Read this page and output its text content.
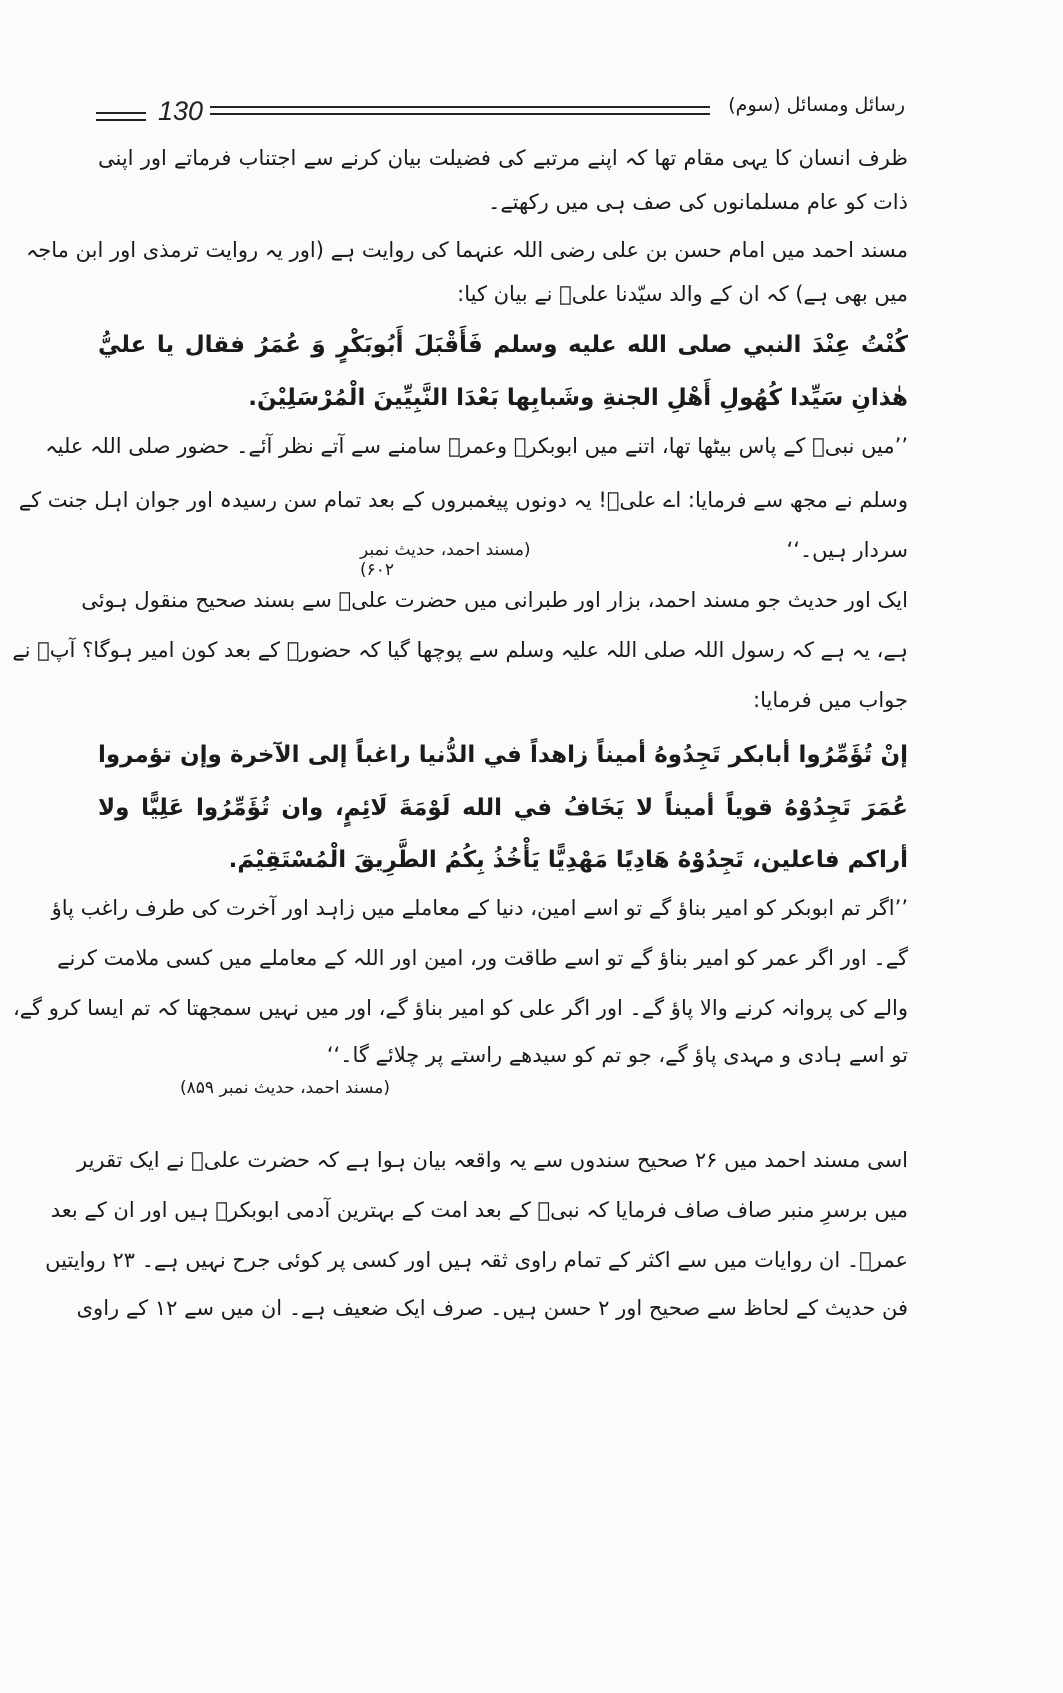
130	رسائل ومسائل (سوم)
ظرف انسان کا یہی مقام تھا کہ اپنے مرتبے کی فضیلت بیان کرنے سے اجتناب فرماتے اور اپنی
ذات کو عام مسلمانوں کی صف ہی میں رکھتے۔
مسند احمد میں امام حسن بن علی رضی اللہ عنہما کی روایت ہے (اور یہ روایت ترمذی اور ابن ماجہ
میں بھی ہے) کہ ان کے والد سیّدنا علیؓ نے بیان کیا:
كُنْتُ عِنْدَ النبي صلى الله عليه وسلم فَأَقْبَلَ أَبُوبَكْرٍ وَ عُمَرُ فقال يا عليُّ
هٰذانِ سَيِّدا كُهُولِ أَهْلِ الجنةِ وشَبابِها بَعْدَا النَّبِيِّينَ الْمُرْسَلِيْنَ.
’’میں نبیؐ کے پاس بیٹھا تھا، اتنے میں ابوبکرؓ وعمرؓ سامنے سے آتے نظر آئے۔ حضور صلی اللہ علیہ
وسلم نے مجھ سے فرمایا: اے علیؓ! یہ دونوں پیغمبروں کے بعد تمام سن رسیدہ اور جوان اہل جنت کے
سردار ہیں۔‘‘
(مسند احمد، حدیث نمبر ۶۰۲)
ایک اور حدیث جو مسند احمد، بزار اور طبرانی میں حضرت علیؓ سے بسند صحیح منقول ہوئی
ہے، یہ ہے کہ رسول اللہ صلی اللہ علیہ وسلم سے پوچھا گیا کہ حضورؐ کے بعد کون امیر ہوگا؟ آپؐ نے
جواب میں فرمایا:
إنْ تُؤَمِّرُوا أبابكر تَجِدُوهُ أميناً زاهداً في الدُّنيا راغباً إلى الآخرة وإن تؤمروا
عُمَرَ تَجِدُوْهُ قوياً أميناً لا يَخَافُ في الله لَوْمَةَ لَائِمٍ، وان تُؤَمِّرُوا عَلِيًّا ولا
أراكم فاعلين، تَجِدُوْهُ هَادِيًا مَهْدِيًّا يَأْخُذُ بِكُمُ الطَّرِيقَ الْمُسْتَقِيْمَ.
’’اگر تم ابوبکر کو امیر بناؤ گے تو اسے امین، دنیا کے معاملے میں زاہد اور آخرت کی طرف راغب پاؤ
گے۔ اور اگر عمر کو امیر بناؤ گے تو اسے طاقت ور، امین اور اللہ کے معاملے میں کسی ملامت کرنے
والے کی پروانہ کرنے والا پاؤ گے۔ اور اگر علی کو امیر بناؤ گے، اور میں نہیں سمجھتا کہ تم ایسا کرو گے،
تو اسے ہادی و مہدی پاؤ گے، جو تم کو سیدھے راستے پر چلائے گا۔‘‘
(مسند احمد، حدیث نمبر ۸۵۹)
اسی مسند احمد میں ۲۶ صحیح سندوں سے یہ واقعہ بیان ہوا ہے کہ حضرت علیؓ نے ایک تقریر
میں برسرِ منبر صاف صاف فرمایا کہ نبیؐ کے بعد امت کے بہترین آدمی ابوبکرؓ ہیں اور ان کے بعد
عمرؓ۔ ان روایات میں سے اکثر کے تمام راوی ثقہ ہیں اور کسی پر کوئی جرح نہیں ہے۔ ۲۳ روایتیں
فن حدیث کے لحاظ سے صحیح اور ۲ حسن ہیں۔ صرف ایک ضعیف ہے۔ ان میں سے ۱۲ کے راوی
